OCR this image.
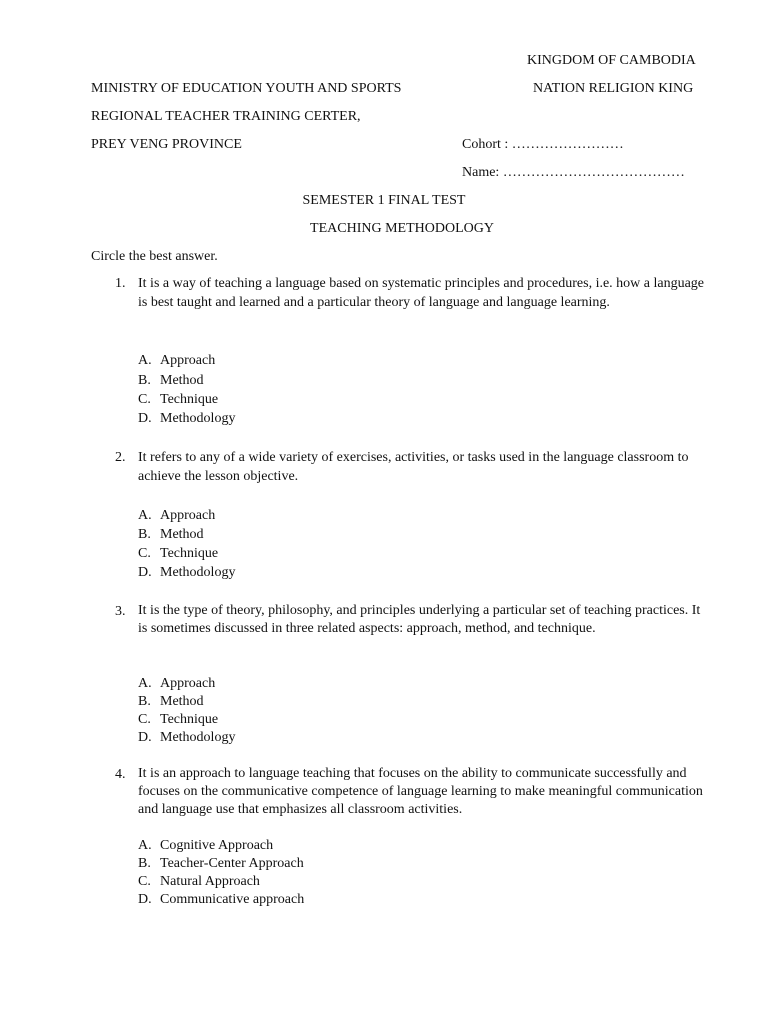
KINGDOM OF CAMBODIA
MINISTRY OF EDUCATION YOUTH AND SPORTS	NATION RELIGION KING
REGIONAL TEACHER TRAINING CERTER,
PREY VENG PROVINCE	Cohort : ……………………
Name: …………………………………
SEMESTER 1 FINAL TEST
TEACHING METHODOLOGY
Circle the best answer.
1. It is a way of teaching a language based on systematic principles and procedures, i.e. how a language is best taught and learned and a particular theory of language and language learning.
A. Approach
B. Method
C. Technique
D. Methodology
2. It refers to any of a wide variety of exercises, activities, or tasks used in the language classroom to achieve the lesson objective.
A. Approach
B. Method
C. Technique
D. Methodology
3. It is the type of theory, philosophy, and principles underlying a particular set of teaching practices. It is sometimes discussed in three related aspects: approach, method, and technique.
A. Approach
B. Method
C. Technique
D. Methodology
4. It is an approach to language teaching that focuses on the ability to communicate successfully and focuses on the communicative competence of language learning to make meaningful communication and language use that emphasizes all classroom activities.
A. Cognitive Approach
B. Teacher-Center Approach
C. Natural Approach
D. Communicative approach
